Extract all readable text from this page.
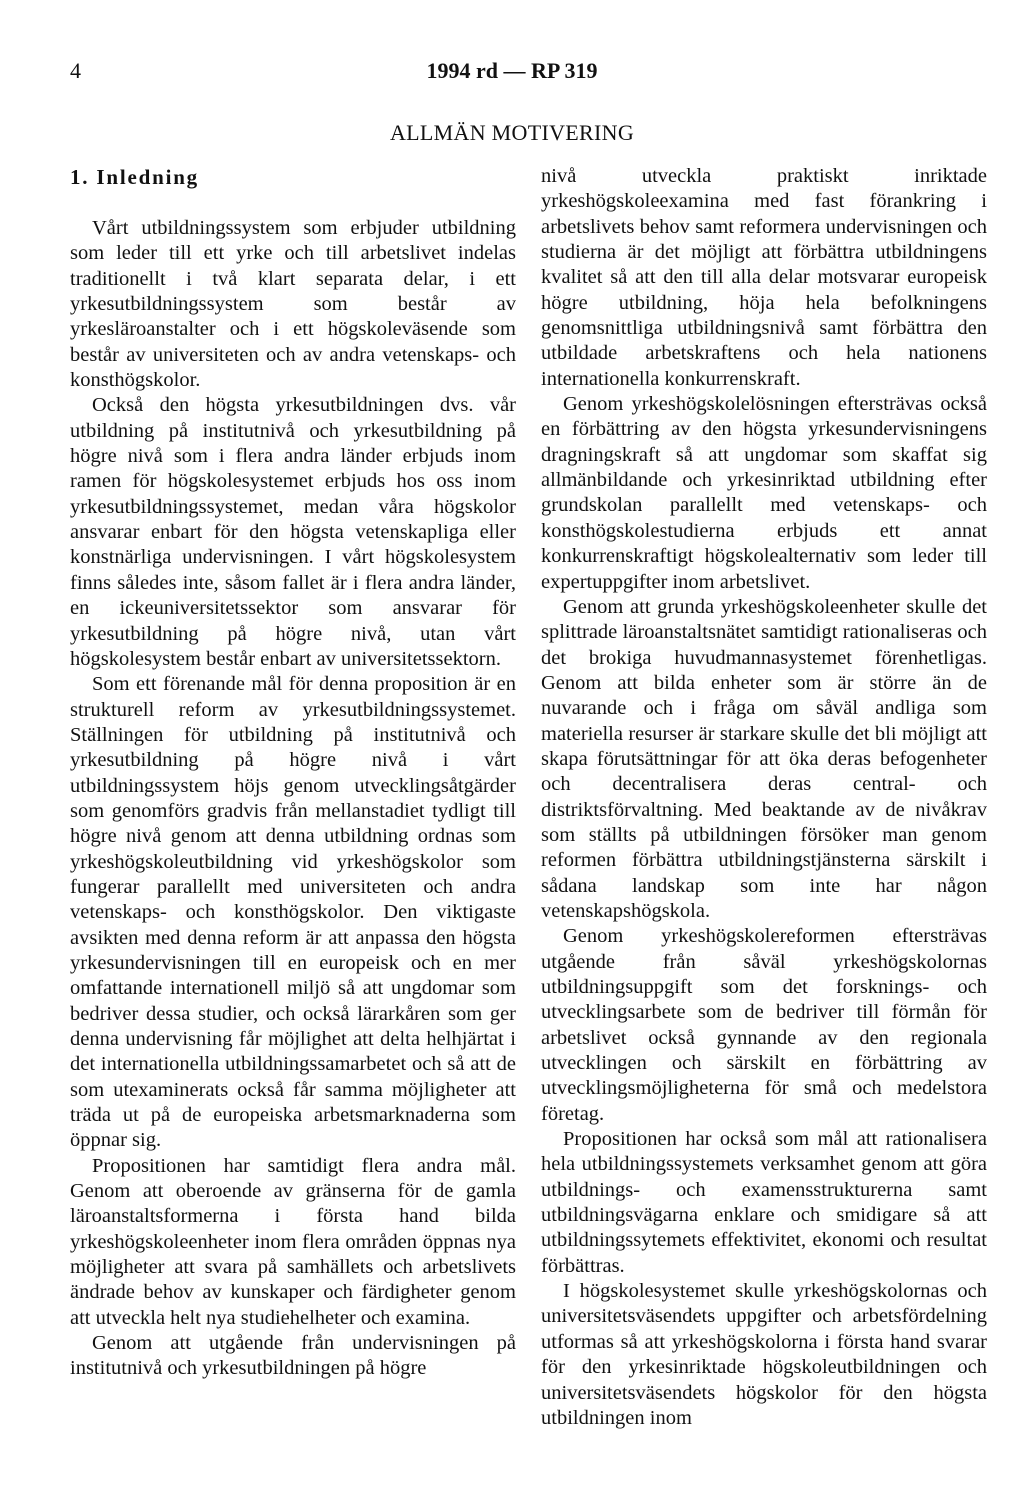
4	1994 rd — RP 319
ALLMÄN MOTIVERING
1. Inledning

Vårt utbildningssystem som erbjuder utbildning som leder till ett yrke och till arbetslivet indelas traditionellt i två klart separata delar, i ett yrkesutbildningssystem som består av yrkesläroanstalter och i ett högskoleväsende som består av universiteten och av andra vetenskaps- och konsthögskolor.

Också den högsta yrkesutbildningen dvs. vår utbildning på institutnivå och yrkesutbildning på högre nivå som i flera andra länder erbjuds inom ramen för högskolesystemet erbjuds hos oss inom yrkesutbildningssystemet, medan våra högskolor ansvarar enbart för den högsta vetenskapliga eller konstnärliga undervisningen. I vårt högskolesystem finns således inte, såsom fallet är i flera andra länder, en ickeuniversitetssektor som ansvarar för yrkesutbildning på högre nivå, utan vårt högskolesystem består enbart av universitetssektorn.

Som ett förenande mål för denna proposition är en strukturell reform av yrkesutbildningssystemet. Ställningen för utbildning på institutnivå och yrkesutbildning på högre nivå i vårt utbildningssystem höjs genom utvecklingsåtgärder som genomförs gradvis från mellanstadiet tydligt till högre nivå genom att denna utbildning ordnas som yrkeshögskoleutbildning vid yrkeshögskolor som fungerar parallellt med universiteten och andra vetenskaps- och konsthögskolor. Den viktigaste avsikten med denna reform är att anpassa den högsta yrkesundervisningen till en europeisk och en mer omfattande internationell miljö så att ungdomar som bedriver dessa studier, och också lärarkåren som ger denna undervisning får möjlighet att delta helhjärtat i det internationella utbildningssamarbetet och så att de som utexaminerats också får samma möjligheter att träda ut på de europeiska arbetsmarknaderna som öppnar sig.

Propositionen har samtidigt flera andra mål. Genom att oberoende av gränserna för de gamla läroanstaltsformerna i första hand bilda yrkeshögskoleenheter inom flera områden öppnas nya möjligheter att svara på samhällets och arbetslivets ändrade behov av kunskaper och färdigheter genom att utveckla helt nya studiehelheter och examina.

Genom att utgående från undervisningen på institutnivå och yrkesutbildningen på högre

nivå utveckla praktiskt inriktade yrkeshögskoleexamina med fast förankring i arbetslivets behov samt reformera undervisningen och studierna är det möjligt att förbättra utbildningens kvalitet så att den till alla delar motsvarar europeisk högre utbildning, höja hela befolkningens genomsnittliga utbildningsnivå samt förbättra den utbildade arbetskraftens och hela nationens internationella konkurrenskraft.

Genom yrkeshögskolelösningen eftersträvas också en förbättring av den högsta yrkesundervisningens dragningskraft så att ungdomar som skaffat sig allmänbildande och yrkesinriktad utbildning efter grundskolan parallellt med vetenskaps- och konsthögskolestudierna erbjuds ett annat konkurrenskraftigt högskolealternativ som leder till expertuppgifter inom arbetslivet.

Genom att grunda yrkeshögskoleenheter skulle det splittrade läroanstaltsnätet samtidigt rationaliseras och det brokiga huvudmannasystemet förenhetligas. Genom att bilda enheter som är större än de nuvarande och i fråga om såväl andliga som materiella resurser är starkare skulle det bli möjligt att skapa förutsättningar för att öka deras befogenheter och decentralisera deras central- och distriktsförvaltning. Med beaktande av de nivåkrav som ställts på utbildningen försöker man genom reformen förbättra utbildningstjänsterna särskilt i sådana landskap som inte har någon vetenskapshögskola.

Genom yrkeshögskolereformen eftersträvas utgående från såväl yrkeshögskolornas utbildningsuppgift som det forsknings- och utvecklingsarbete som de bedriver till förmån för arbetslivet också gynnande av den regionala utvecklingen och särskilt en förbättring av utvecklingsmöjligheterna för små och medelstora företag.

Propositionen har också som mål att rationalisera hela utbildningssystemets verksamhet genom att göra utbildnings- och examensstrukturerna samt utbildningsvägarna enklare och smidigare så att utbildningssytemets effektivitet, ekonomi och resultat förbättras.

I högskolesystemet skulle yrkeshögskolornas och universitetsväsendets uppgifter och arbetsfördelning utformas så att yrkeshögskolorna i första hand svarar för den yrkesinriktade högskoleutbildningen och universitetsväsendets högskolor för den högsta utbildningen inom
